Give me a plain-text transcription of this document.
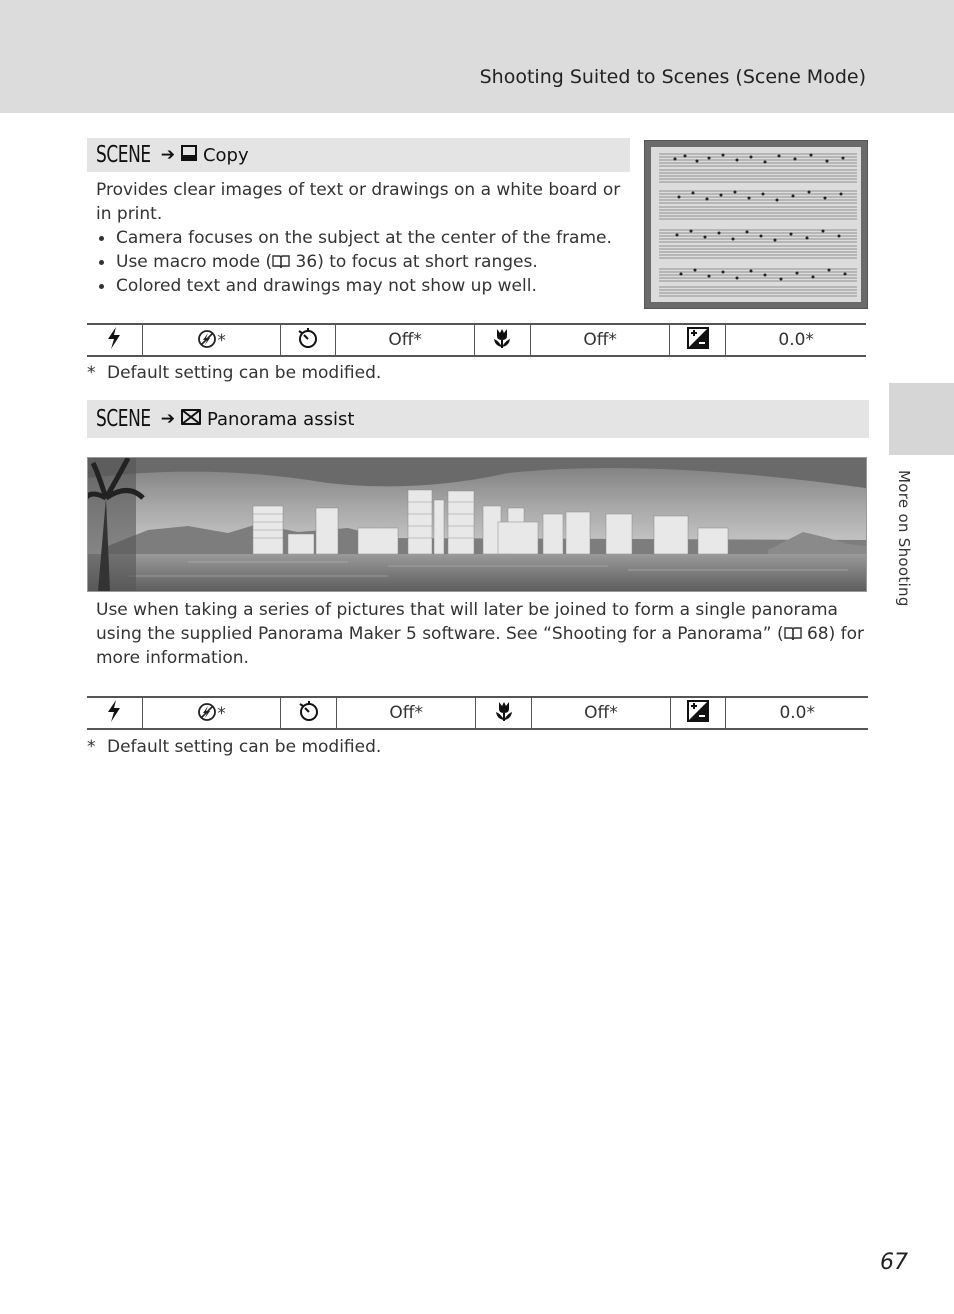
Shooting Suited to Scenes (Scene Mode)
More on Shooting
SCENE ➔ Copy

Provides clear images of text or drawings on a white board or in print.

Camera focuses on the subject at the center of the frame.
Use macro mode ( 36) to focus at short ranges.
Colored text and drawings may not show up well.
	*		Off*		Off*		0.0*
* Default setting can be modified.
SCENE ➔ Panorama assist
Use when taking a series of pictures that will later be joined to form a single panorama using the supplied Panorama Maker 5 software. See “Shooting for a Panorama” ( 68) for more information.
	*		Off*		Off*		0.0*
* Default setting can be modified.
67
